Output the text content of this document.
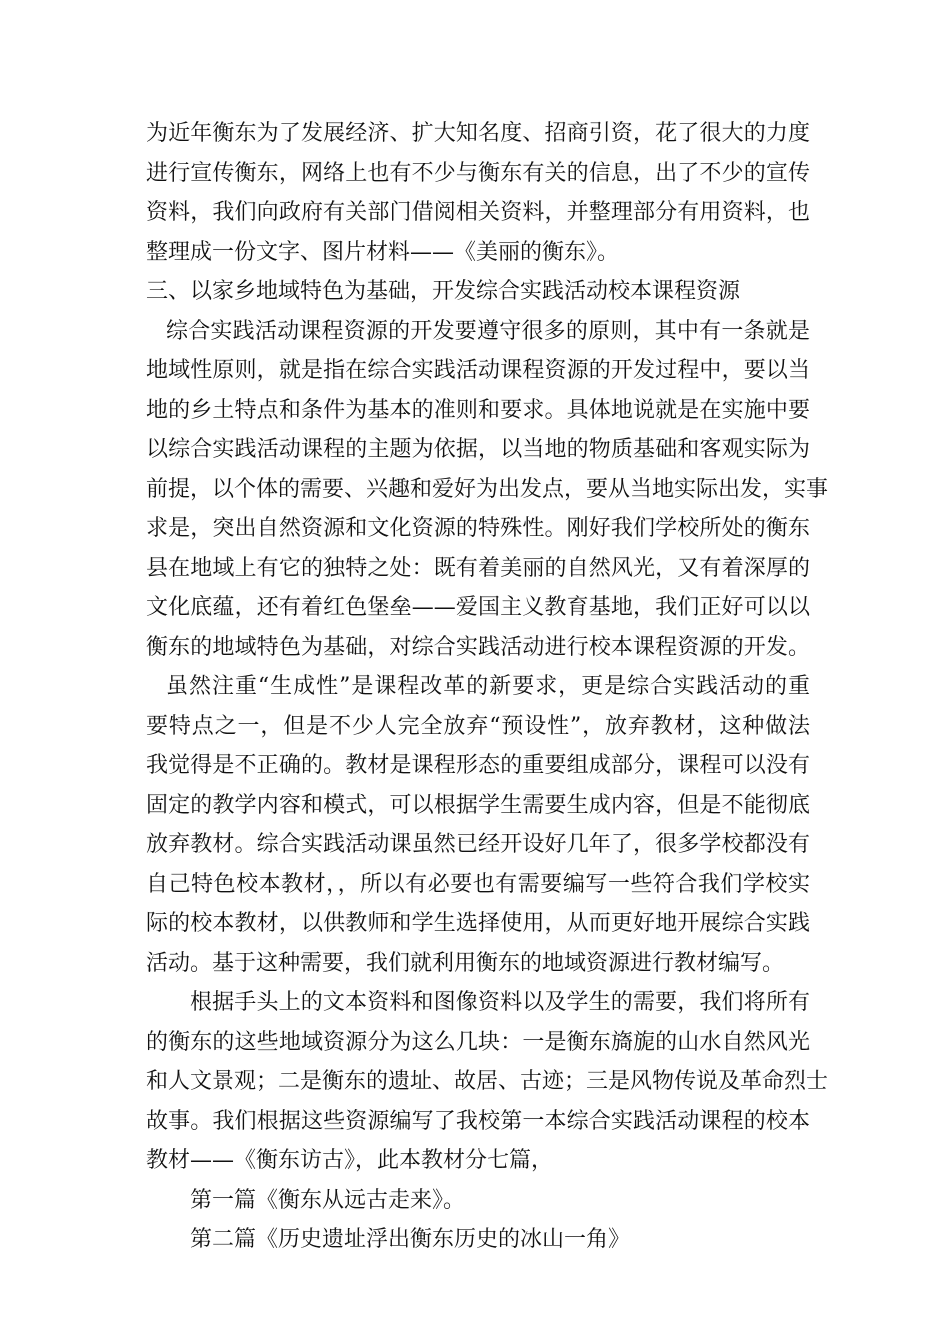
为近年衡东为了发展经济、扩大知名度、招商引资，花了很大的力度
进行宣传衡东，网络上也有不少与衡东有关的信息，出了不少的宣传
资料，我们向政府有关部门借阅相关资料，并整理部分有用资料，也
整理成一份文字、图片材料——《美丽的衡东》。
三、以家乡地域特色为基础，开发综合实践活动校本课程资源
综合实践活动课程资源的开发要遵守很多的原则，其中有一条就是
地域性原则，就是指在综合实践活动课程资源的开发过程中，要以当
地的乡土特点和条件为基本的准则和要求。具体地说就是在实施中要
以综合实践活动课程的主题为依据，以当地的物质基础和客观实际为
前提，以个体的需要、兴趣和爱好为出发点，要从当地实际出发，实事
求是，突出自然资源和文化资源的特殊性。刚好我们学校所处的衡东
县在地域上有它的独特之处：既有着美丽的自然风光，又有着深厚的
文化底蕴，还有着红色堡垒——爱国主义教育基地，我们正好可以以
衡东的地域特色为基础，对综合实践活动进行校本课程资源的开发。
虽然注重“生成性”是课程改革的新要求，更是综合实践活动的重
要特点之一，但是不少人完全放弃“预设性”，放弃教材，这种做法
我觉得是不正确的。教材是课程形态的重要组成部分，课程可以没有
固定的教学内容和模式，可以根据学生需要生成内容，但是不能彻底
放弃教材。综合实践活动课虽然已经开设好几年了，很多学校都没有
自己特色校本教材，，所以有必要也有需要编写一些符合我们学校实
际的校本教材，以供教师和学生选择使用，从而更好地开展综合实践
活动。基于这种需要，我们就利用衡东的地域资源进行教材编写。
根据手头上的文本资料和图像资料以及学生的需要，我们将所有
的衡东的这些地域资源分为这么几块：一是衡东旖旎的山水自然风光
和人文景观；二是衡东的遗址、故居、古迹；三是风物传说及革命烈士
故事。我们根据这些资源编写了我校第一本综合实践活动课程的校本
教材——《衡东访古》，此本教材分七篇，
第一篇《衡东从远古走来》。
第二篇《历史遗址浮出衡东历史的冰山一角》
